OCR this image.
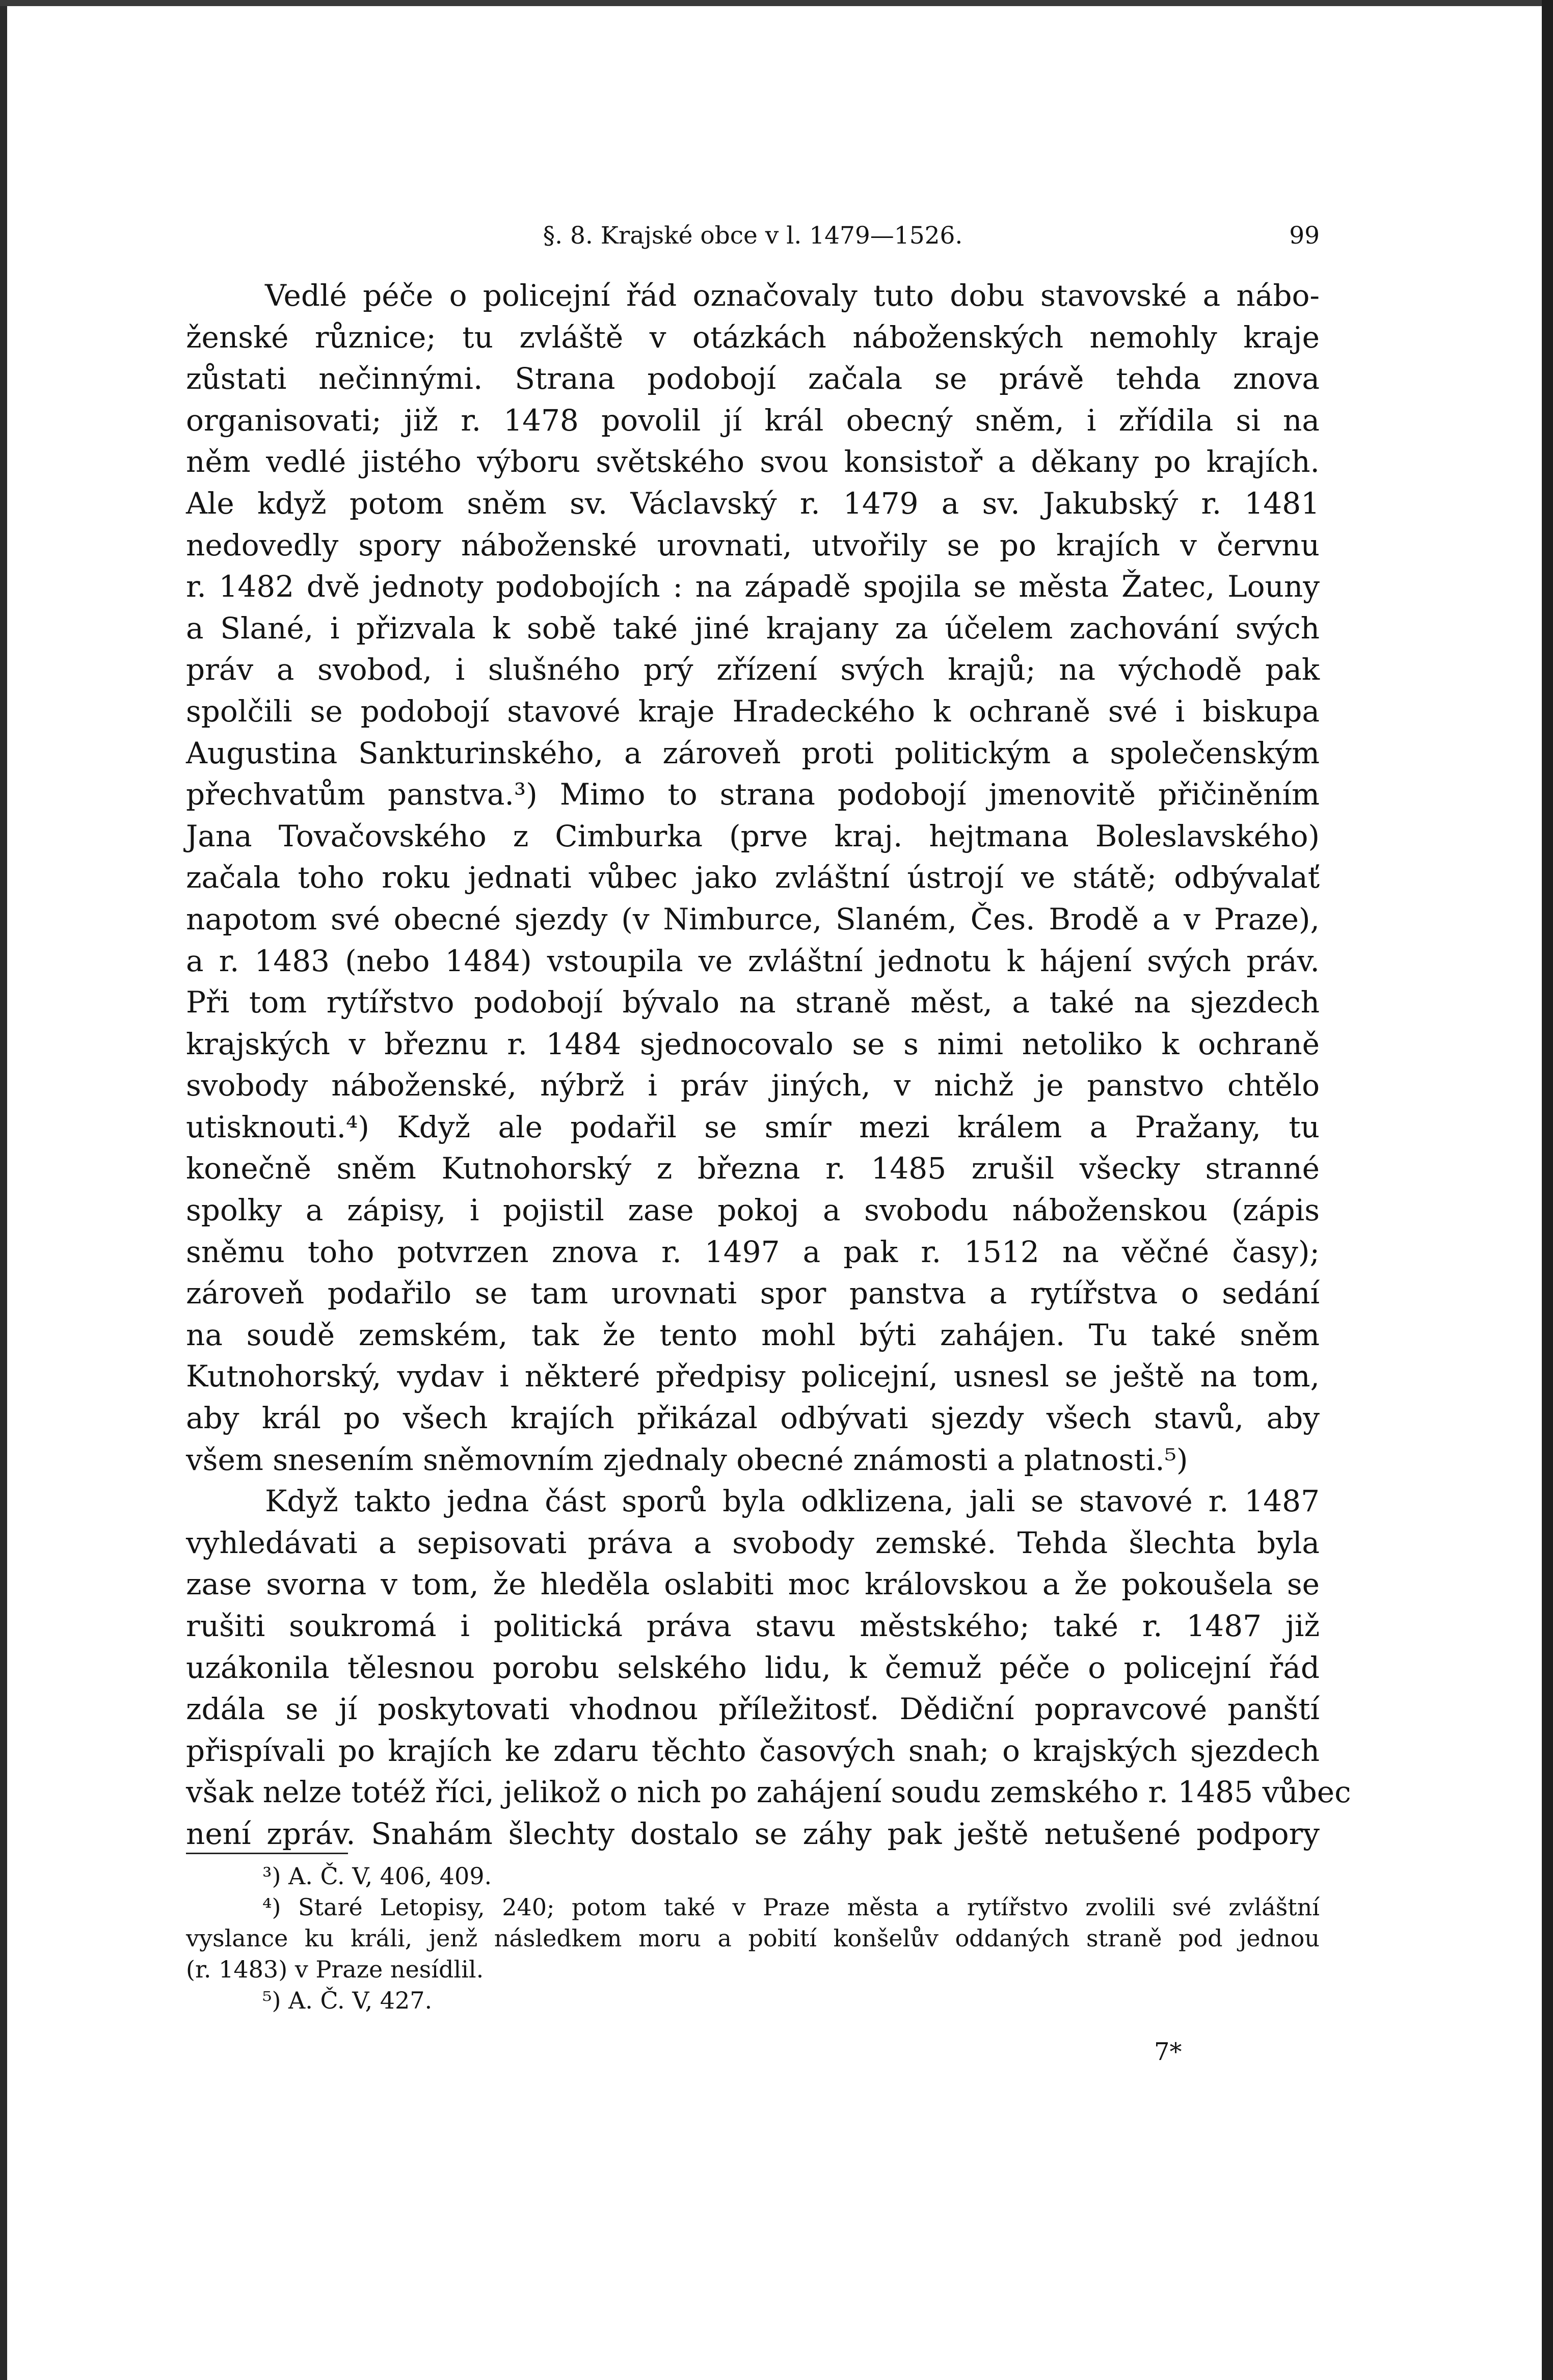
§. 8. Krajské obce v l. 1479—1526.	99
Vedlé péče o policejní řád označovaly tuto dobu stavovské a nábo-
ženské různice; tu zvláště v otázkách náboženských nemohly kraje
zůstati nečinnými. Strana podobojí začala se právě tehda znova
organisovati; již r. 1478 povolil jí král obecný sněm, i zřídila si na
něm vedlé jistého výboru světského svou konsistoř a děkany po krajích.
Ale když potom sněm sv. Václavský r. 1479 a sv. Jakubský r. 1481
nedovedly spory náboženské urovnati, utvořily se po krajích v červnu
r. 1482 dvě jednoty podobojích : na západě spojila se města Žatec, Louny
a Slané, i přizvala k sobě také jiné krajany za účelem zachování svých
práv a svobod, i slušného prý zřízení svých krajů; na východě pak
spolčili se podobojí stavové kraje Hradeckého k ochraně své i biskupa
Augustina Sankturinského, a zároveň proti politickým a společenským
přechvatům panstva.³) Mimo to strana podobojí jmenovitě přičiněním
Jana Tovačovského z Cimburka (prve kraj. hejtmana Boleslavského)
začala toho roku jednati vůbec jako zvláštní ústrojí ve státě; odbývalať
napotom své obecné sjezdy (v Nimburce, Slaném, Čes. Brodě a v Praze),
a r. 1483 (nebo 1484) vstoupila ve zvláštní jednotu k hájení svých práv.
Při tom rytířstvo podobojí bývalo na straně měst, a také na sjezdech
krajských v březnu r. 1484 sjednocovalo se s nimi netoliko k ochraně
svobody náboženské, nýbrž i práv jiných, v nichž je panstvo chtělo
utisknouti.⁴) Když ale podařil se smír mezi králem a Pražany, tu
konečně sněm Kutnohorský z března r. 1485 zrušil všecky stranné
spolky a zápisy, i pojistil zase pokoj a svobodu náboženskou (zápis
sněmu toho potvrzen znova r. 1497 a pak r. 1512 na věčné časy);
zároveň podařilo se tam urovnati spor panstva a rytířstva o sedání
na soudě zemském, tak že tento mohl býti zahájen. Tu také sněm
Kutnohorský, vydav i některé předpisy policejní, usnesl se ještě na tom,
aby král po všech krajích přikázal odbývati sjezdy všech stavů, aby
všem snesením sněmovním zjednaly obecné známosti a platnosti.⁵)
Když takto jedna část sporů byla odklizena, jali se stavové r. 1487
vyhledávati a sepisovati práva a svobody zemské. Tehda šlechta byla
zase svorna v tom, že hleděla oslabiti moc královskou a že pokoušela se
rušiti soukromá i politická práva stavu městského; také r. 1487 již
uzákonila tělesnou porobu selského lidu, k čemuž péče o policejní řád
zdála se jí poskytovati vhodnou příležitosť. Dědiční popravcové panští
přispívali po krajích ke zdaru těchto časových snah; o krajských sjezdech
však nelze totéž říci, jelikož o nich po zahájení soudu zemského r. 1485 vůbec
není zpráv. Snahám šlechty dostalo se záhy pak ještě netušené podpory
³) A. Č. V, 406, 409.
⁴) Staré Letopisy, 240; potom také v Praze města a rytířstvo zvolili své zvláštní
vyslance ku králi, jenž následkem moru a pobití konšelův oddaných straně pod jednou
(r. 1483) v Praze nesídlil.
⁵) A. Č. V, 427.
7*
